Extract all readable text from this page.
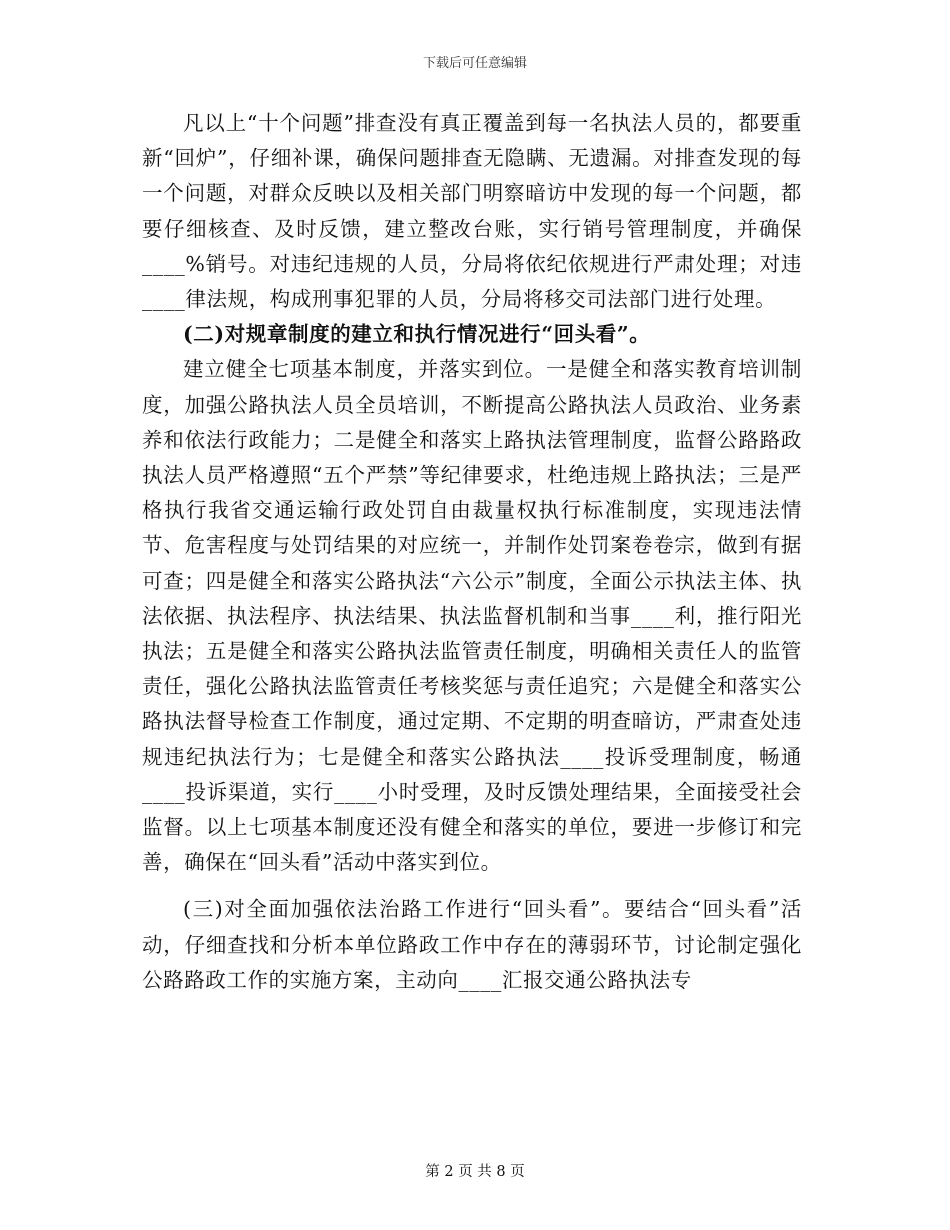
下载后可任意编辑

凡以上“十个问题”排查没有真正覆盖到每一名执法人员的，都要重新“回炉”，仔细补课，确保问题排查无隐瞒、无遗漏。对排查发现的每一个问题，对群众反映以及相关部门明察暗访中发现的每一个问题，都要仔细核查、及时反馈，建立整改台账，实行销号管理制度，并确保____%销号。对违纪违规的人员，分局将依纪依规进行严肃处理；对违____律法规，构成刑事犯罪的人员，分局将移交司法部门进行处理。

(二)对规章制度的建立和执行情况进行“回头看”。

建立健全七项基本制度，并落实到位。一是健全和落实教育培训制度，加强公路执法人员全员培训，不断提高公路执法人员政治、业务素养和依法行政能力；二是健全和落实上路执法管理制度，监督公路路政执法人员严格遵照“五个严禁”等纪律要求，杜绝违规上路执法；三是严格执行我省交通运输行政处罚自由裁量权执行标准制度，实现违法情节、危害程度与处罚结果的对应统一，并制作处罚案卷卷宗，做到有据可查；四是健全和落实公路执法“六公示”制度，全面公示执法主体、执法依据、执法程序、执法结果、执法监督机制和当事____利，推行阳光执法；五是健全和落实公路执法监管责任制度，明确相关责任人的监管责任，强化公路执法监管责任考核奖惩与责任追究；六是健全和落实公路执法督导检查工作制度，通过定期、不定期的明查暗访，严肃查处违规违纪执法行为；七是健全和落实公路执法____投诉受理制度，畅通____投诉渠道，实行____小时受理，及时反馈处理结果，全面接受社会监督。以上七项基本制度还没有健全和落实的单位，要进一步修订和完善，确保在“回头看”活动中落实到位。

(三)对全面加强依法治路工作进行“回头看”。要结合“回头看”活动，仔细查找和分析本单位路政工作中存在的薄弱环节，讨论制定强化公路路政工作的实施方案，主动向____汇报交通公路执法专

第 2 页 共 8 页
